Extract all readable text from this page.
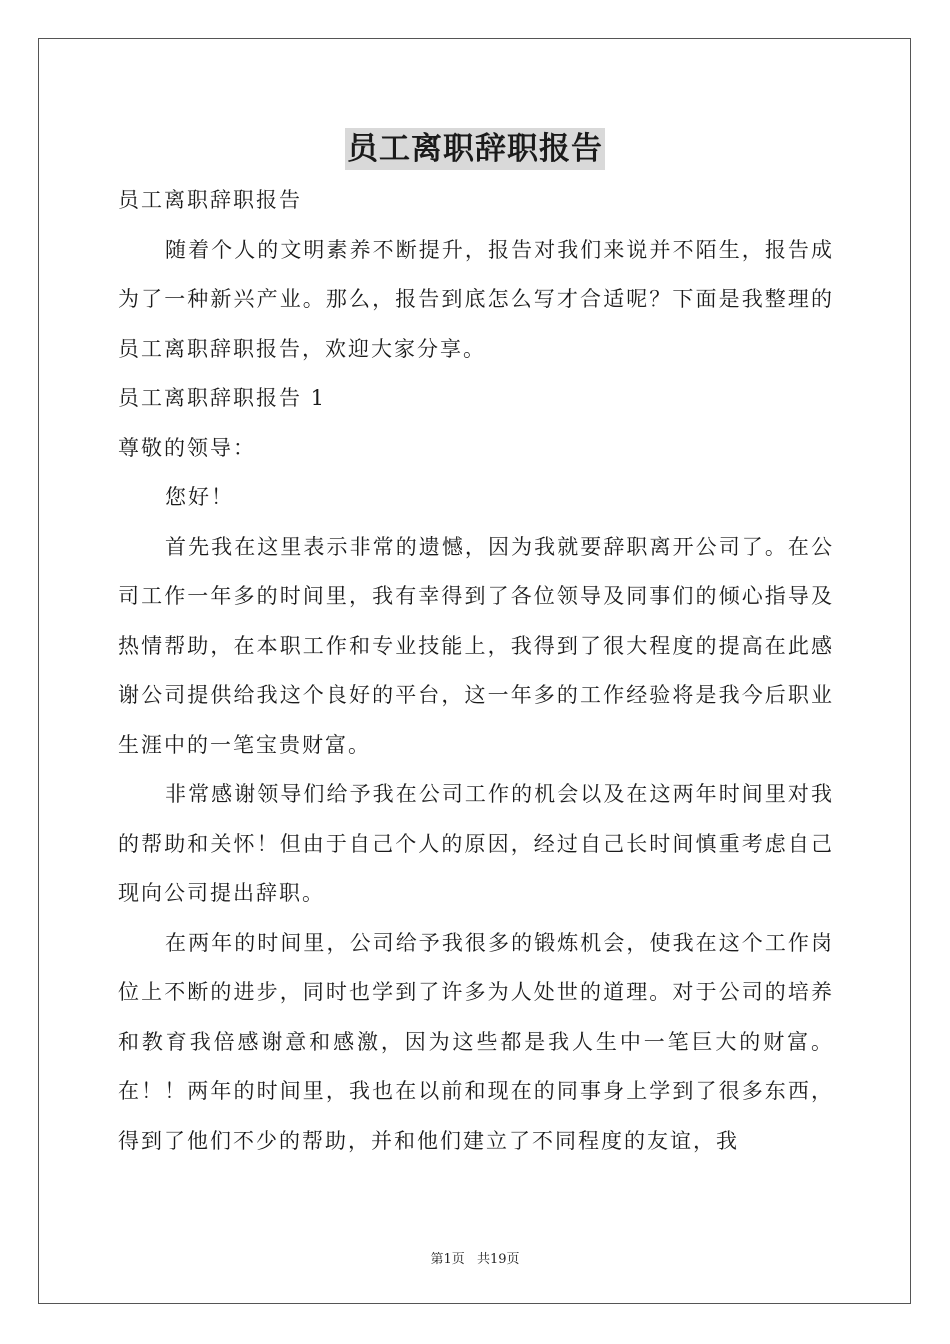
员工离职辞职报告

员工离职辞职报告

随着个人的文明素养不断提升，报告对我们来说并不陌生，报告成为了一种新兴产业。那么，报告到底怎么写才合适呢？下面是我整理的员工离职辞职报告，欢迎大家分享。

员工离职辞职报告 1

尊敬的领导：

您好！

首先我在这里表示非常的遗憾，因为我就要辞职离开公司了。在公司工作一年多的时间里，我有幸得到了各位领导及同事们的倾心指导及热情帮助，在本职工作和专业技能上，我得到了很大程度的提高在此感谢公司提供给我这个良好的平台，这一年多的工作经验将是我今后职业生涯中的一笔宝贵财富。

非常感谢领导们给予我在公司工作的机会以及在这两年时间里对我的帮助和关怀！但由于自己个人的原因，经过自己长时间慎重考虑自己现向公司提出辞职。

在两年的时间里，公司给予我很多的锻炼机会，使我在这个工作岗位上不断的进步，同时也学到了许多为人处世的道理。对于公司的培养和教育我倍感谢意和感激，因为这些都是我人生中一笔巨大的财富。在！！两年的时间里，我也在以前和现在的同事身上学到了很多东西，得到了他们不少的帮助，并和他们建立了不同程度的友谊，我

第1页 共19页
